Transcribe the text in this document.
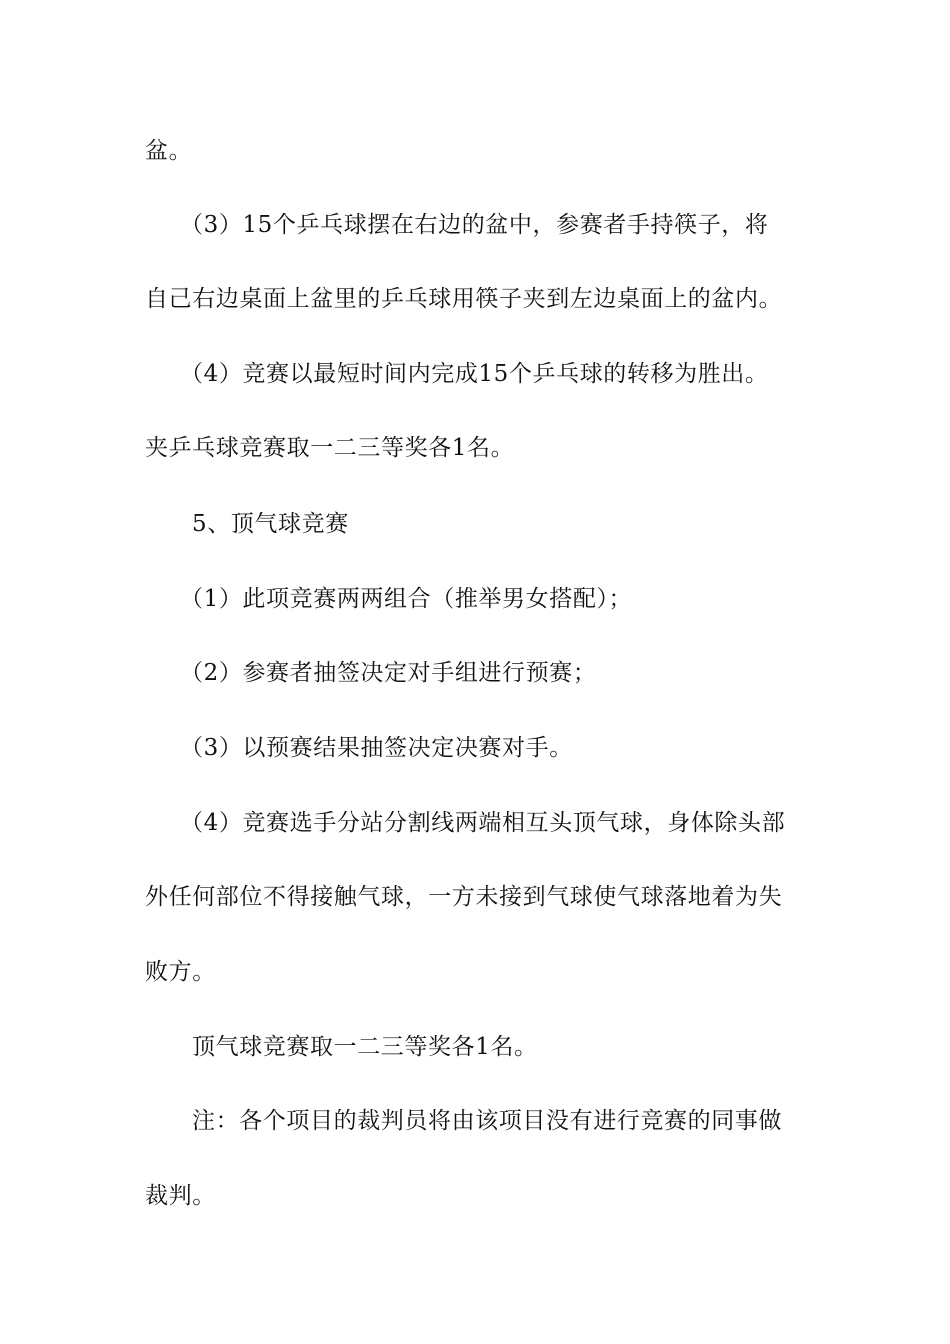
盆。
（3）15个乒乓球摆在右边的盆中，参赛者手持筷子，将
自己右边桌面上盆里的乒乓球用筷子夹到左边桌面上的盆内。
（4）竞赛以最短时间内完成15个乒乓球的转移为胜出。
夹乒乓球竞赛取一二三等奖各1名。
5、顶气球竞赛
（1）此项竞赛两两组合（推举男女搭配）；
（2）参赛者抽签决定对手组进行预赛；
（3）以预赛结果抽签决定决赛对手。
（4）竞赛选手分站分割线两端相互头顶气球，身体除头部
外任何部位不得接触气球，一方未接到气球使气球落地着为失
败方。
顶气球竞赛取一二三等奖各1名。
注：各个项目的裁判员将由该项目没有进行竞赛的同事做
裁判。
